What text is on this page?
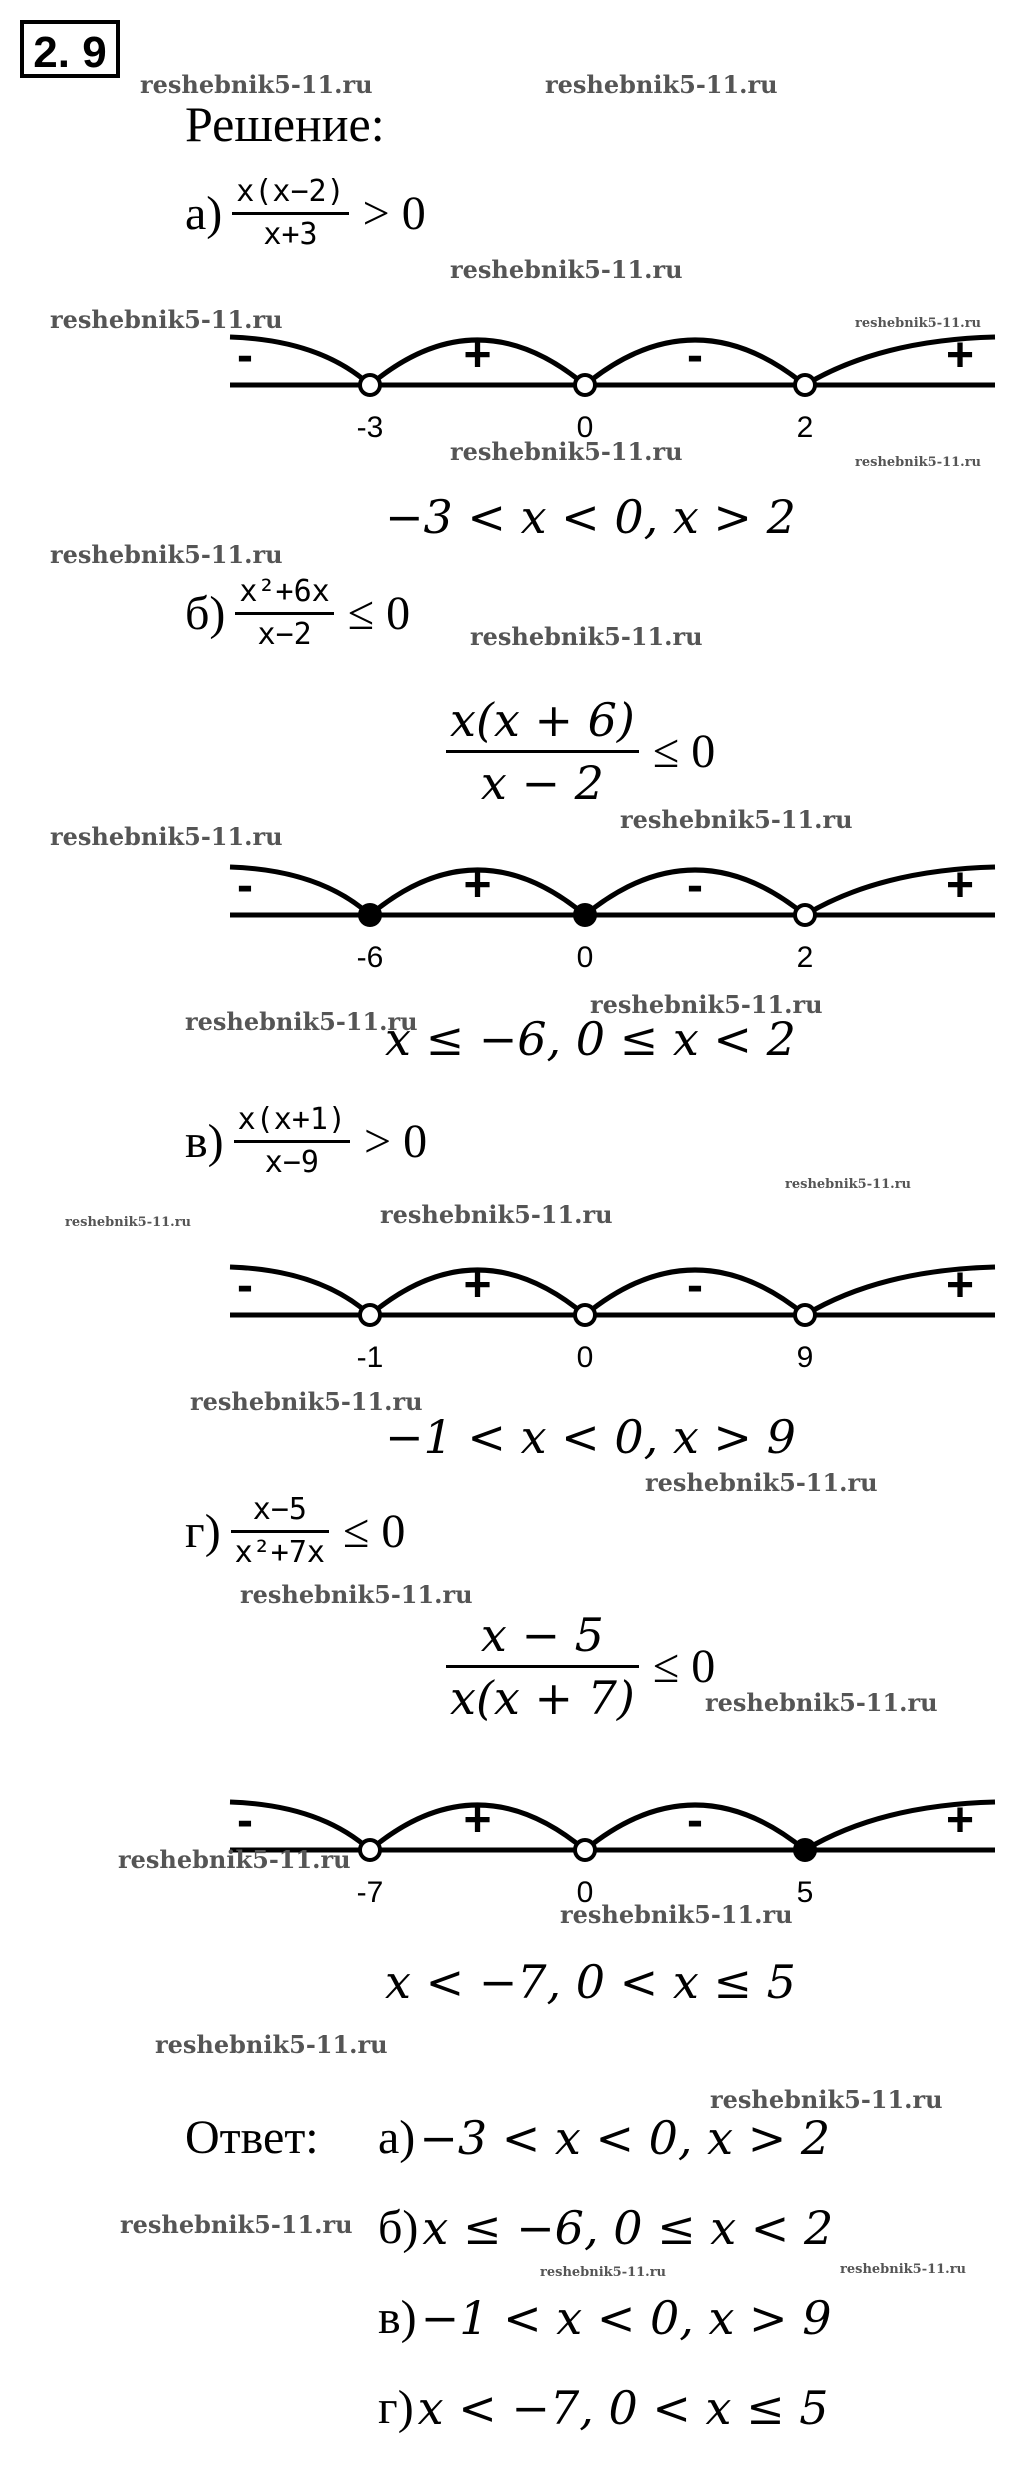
2. 9
Решение:
$а) \frac{x(x-2)}{x+3} > 0$
-	+	-	+
-3	0	2
−3 < x < 0, x > 2
$б) \frac{\text{x²+6x}}{x-2} \le 0$
$\frac{x(x + 6)}{x - 2} \le 0$
-	+	-	+
-6	0	2
x ≤ −6, 0 ≤ x < 2
$в) \frac{x(x+1)}{x-9} > 0$
-	+	-	+
-1	0	9
−1 < x < 0, x > 9
$г) \frac{x-5}{\text{x²+7x}} \le 0$
$\frac{x - 5}{x(x + 7)} \le 0$
-	+	-	+
-7	0	5
x < −7, 0 < x ≤ 5
Ответ: а) −3 < x < 0, x > 2
б) x ≤ −6, 0 ≤ x < 2
в) −1 < x < 0, x > 9
г) x < −7, 0 < x ≤ 5
reshebnik5-11.ru	reshebnik5-11.ru
reshebnik5-11.ru
reshebnik5-11.ru	reshebnik5-11.ru
reshebnik5-11.ru	reshebnik5-11.ru
reshebnik5-11.ru
reshebnik5-11.ru
reshebnik5-11.ru
reshebnik5-11.ru
reshebnik5-11.ru
reshebnik5-11.ru
reshebnik5-11.ru
reshebnik5-11.ru	reshebnik5-11.ru
reshebnik5-11.ru
reshebnik5-11.ru
reshebnik5-11.ru
reshebnik5-11.ru
reshebnik5-11.ru
reshebnik5-11.ru
reshebnik5-11.ru
reshebnik5-11.ru
reshebnik5-11.ru
reshebnik5-11.ru	reshebnik5-11.ru
